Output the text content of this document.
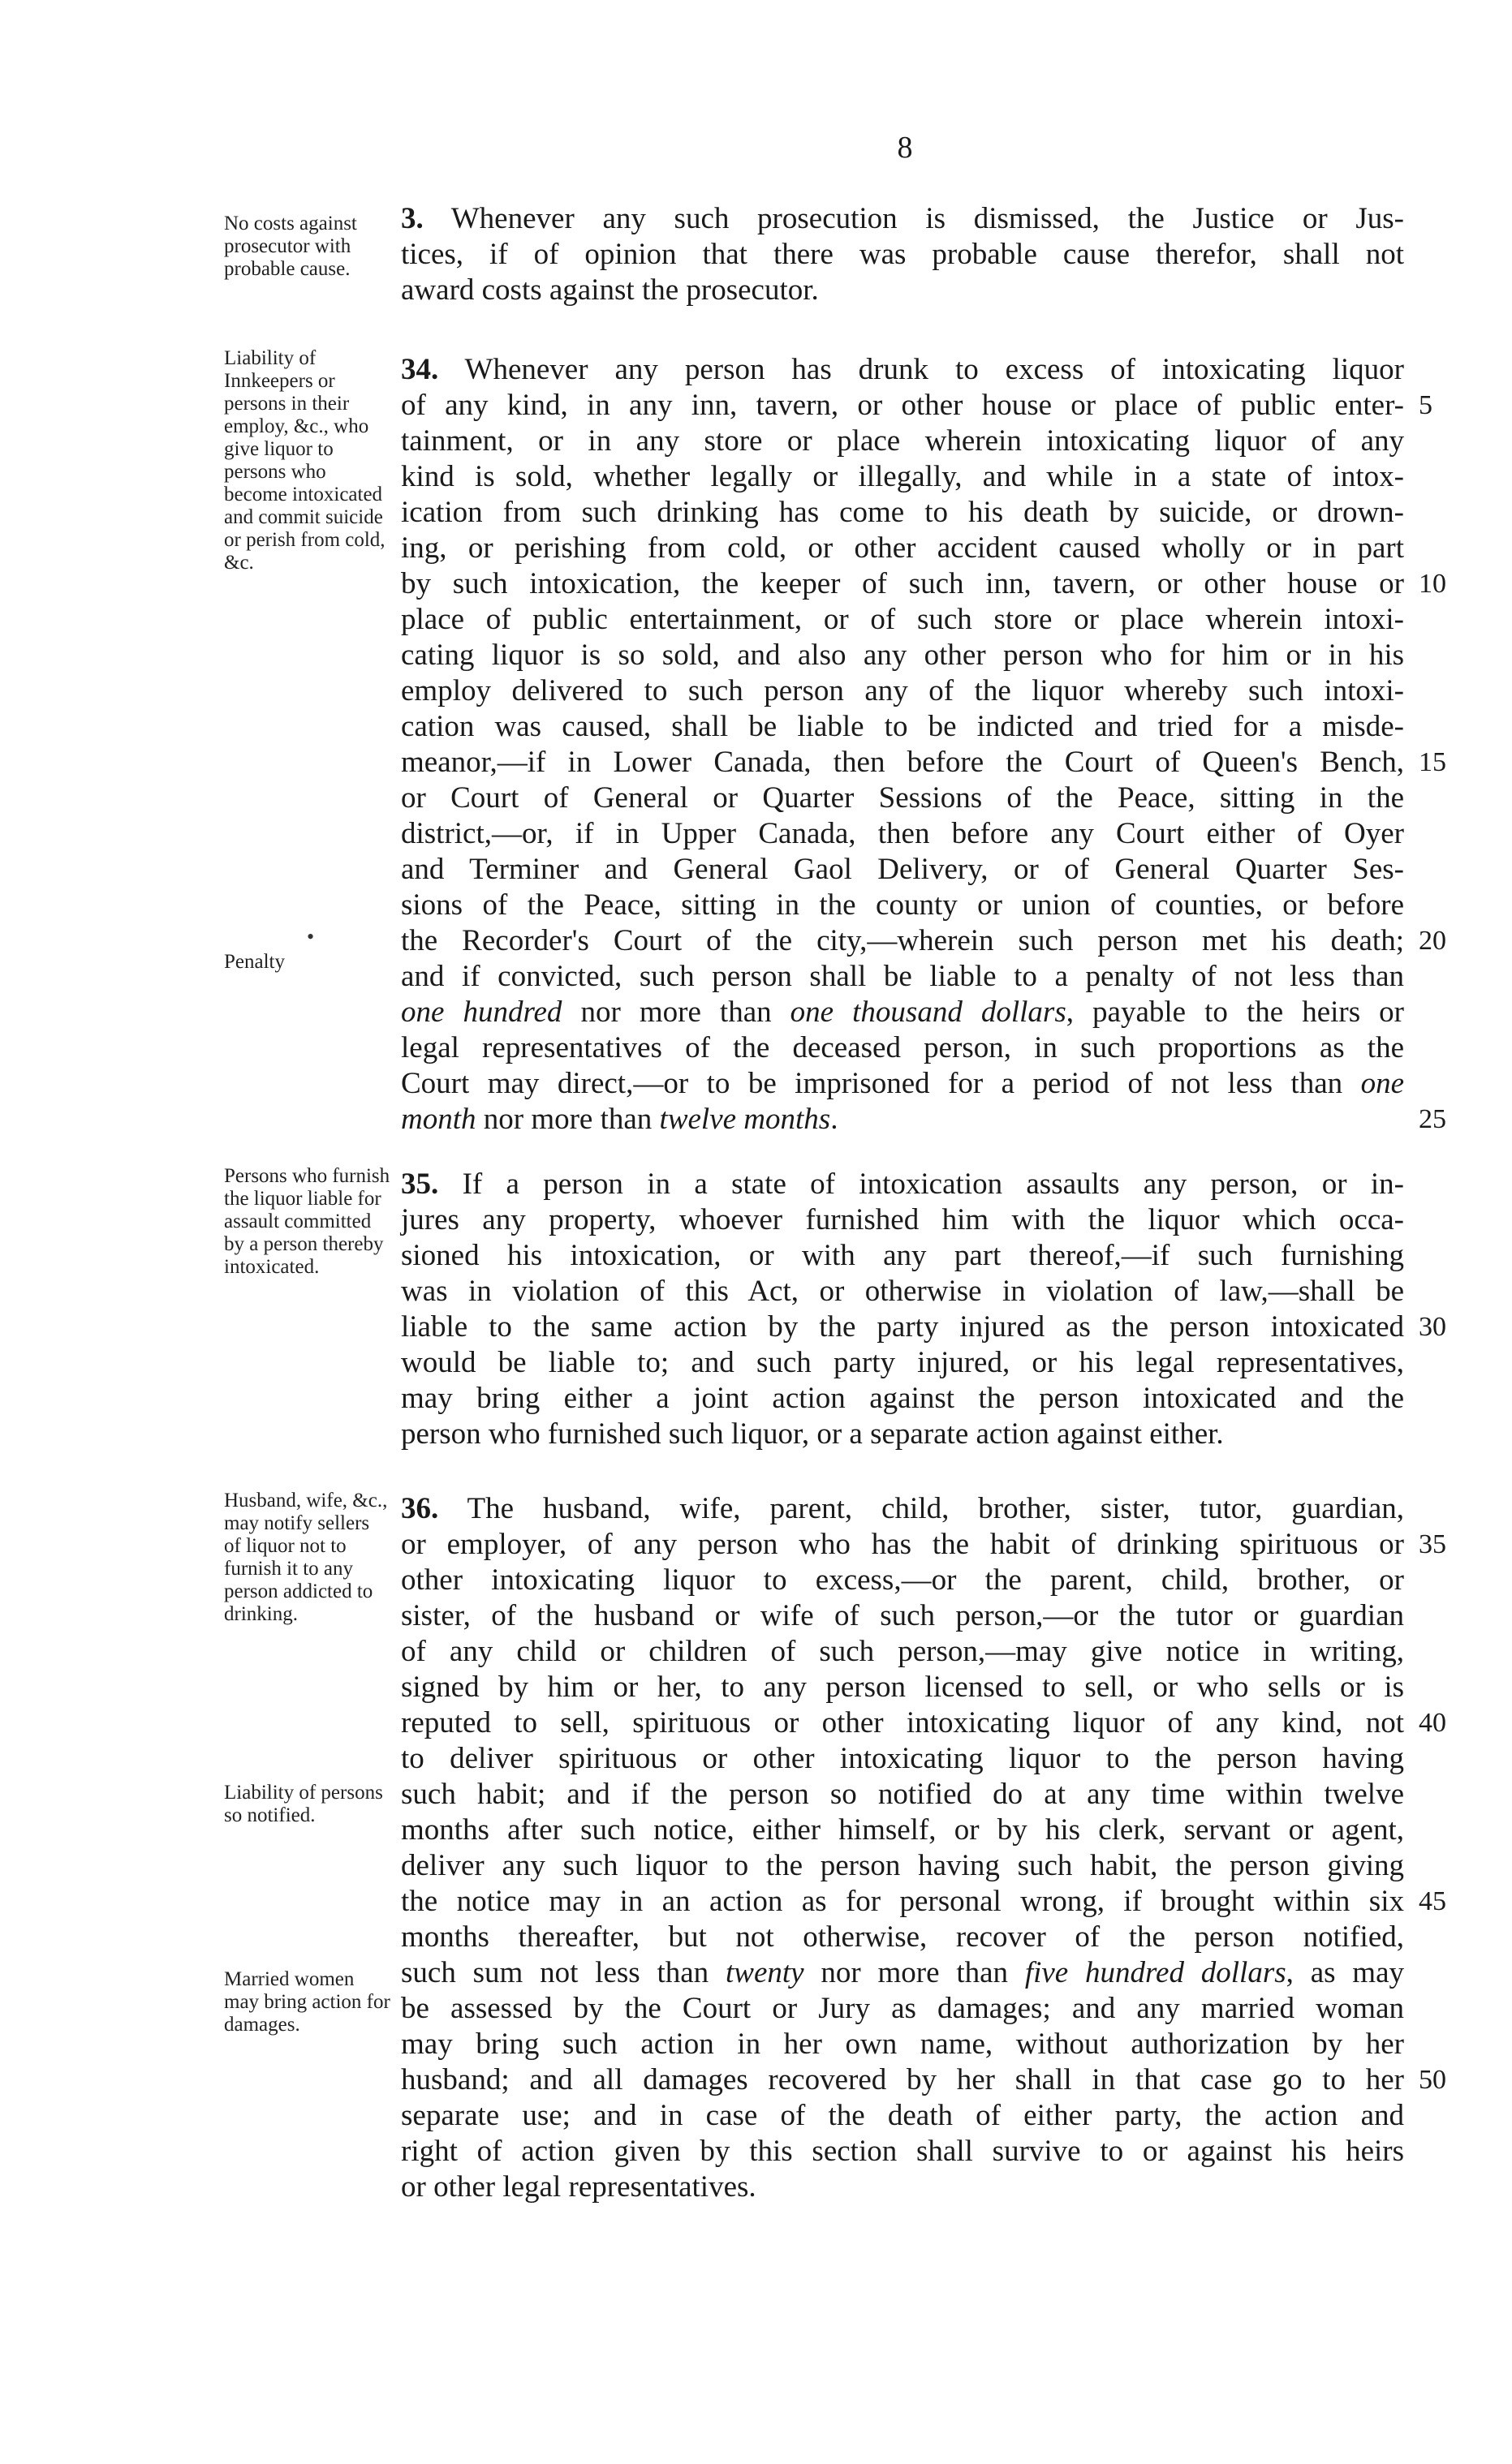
8
No costs against prosecutor with probable cause.
3. Whenever any such prosecution is dismissed, the Justice or Jus-
tices, if of opinion that there was probable cause therefor, shall not
award costs against the prosecutor.
Liability of Innkeepers or persons in their employ, &c., who give liquor to persons who become intoxicated and commit suicide or perish from cold, &c.
Penalty
•
34. Whenever any person has drunk to excess of intoxicating liquor
of any kind, in any inn, tavern, or other house or place of public enter-
tainment, or in any store or place wherein intoxicating liquor of any
kind is sold, whether legally or illegally, and while in a state of intox-
ication from such drinking has come to his death by suicide, or drown-
ing, or perishing from cold, or other accident caused wholly or in part
by such intoxication, the keeper of such inn, tavern, or other house or
place of public entertainment, or of such store or place wherein intoxi-
cating liquor is so sold, and also any other person who for him or in his
employ delivered to such person any of the liquor whereby such intoxi-
cation was caused, shall be liable to be indicted and tried for a misde-
meanor,—if in Lower Canada, then before the Court of Queen's Bench,
or Court of General or Quarter Sessions of the Peace, sitting in the
district,—or, if in Upper Canada, then before any Court either of Oyer
and Terminer and General Gaol Delivery, or of General Quarter Ses-
sions of the Peace, sitting in the county or union of counties, or before
the Recorder's Court of the city,—wherein such person met his death;
and if convicted, such person shall be liable to a penalty of not less than
one hundred nor more than one thousand dollars, payable to the heirs or
legal representatives of the deceased person, in such proportions as the
Court may direct,—or to be imprisoned for a period of not less than one
month nor more than twelve months.
5
10
15
20
25
Persons who furnish the liquor liable for assault committed by a person thereby intoxicated.
35. If a person in a state of intoxication assaults any person, or in-
jures any property, whoever furnished him with the liquor which occa-
sioned his intoxication, or with any part thereof,—if such furnishing
was in violation of this Act, or otherwise in violation of law,—shall be
liable to the same action by the party injured as the person intoxicated
would be liable to; and such party injured, or his legal representatives,
may bring either a joint action against the person intoxicated and the
person who furnished such liquor, or a separate action against either.
30
Husband, wife, &c., may notify sellers of liquor not to furnish it to any person addicted to drinking.
Liability of persons so notified.
Married women may bring action for damages.
36. The husband, wife, parent, child, brother, sister, tutor, guardian,
or employer, of any person who has the habit of drinking spirituous or
other intoxicating liquor to excess,—or the parent, child, brother, or
sister, of the husband or wife of such person,—or the tutor or guardian
of any child or children of such person,—may give notice in writing,
signed by him or her, to any person licensed to sell, or who sells or is
reputed to sell, spirituous or other intoxicating liquor of any kind, not
to deliver spirituous or other intoxicating liquor to the person having
such habit; and if the person so notified do at any time within twelve
months after such notice, either himself, or by his clerk, servant or agent,
deliver any such liquor to the person having such habit, the person giving
the notice may in an action as for personal wrong, if brought within six
months thereafter, but not otherwise, recover of the person notified,
such sum not less than twenty nor more than five hundred dollars, as may
be assessed by the Court or Jury as damages; and any married woman
may bring such action in her own name, without authorization by her
husband; and all damages recovered by her shall in that case go to her
separate use; and in case of the death of either party, the action and
right of action given by this section shall survive to or against his heirs
or other legal representatives.
35
40
45
50
